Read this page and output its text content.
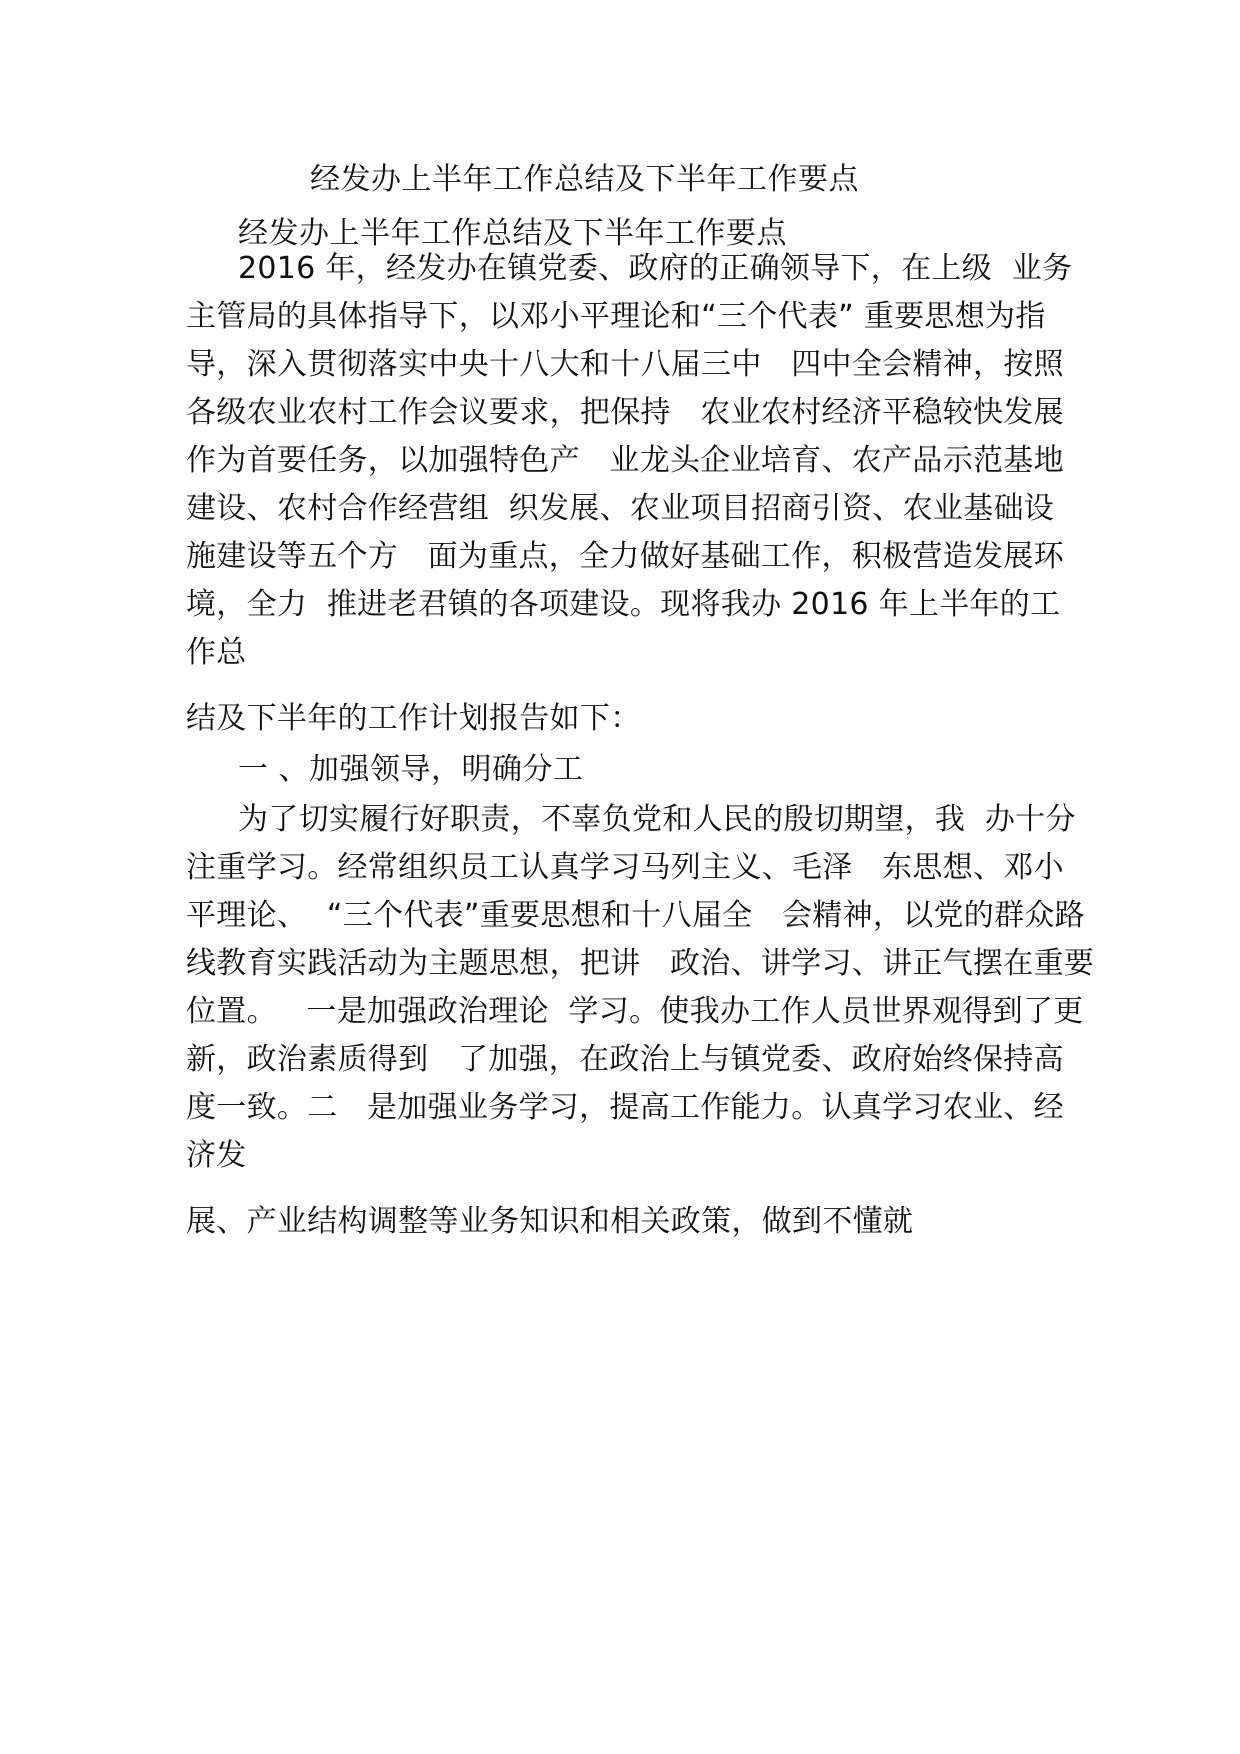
经发办上半年工作总结及下半年工作要点
经发办上半年工作总结及下半年工作要点
2016 年，经发办在镇党委、政府的正确领导下，在上级  业务
主管局的具体指导下，以邓小平理论和“三个代表” 重要思想为指
导，深入贯彻落实中央十八大和十八届三中   四中全会精神，按照
各级农业农村工作会议要求，把保持   农业农村经济平稳较快发展
作为首要任务，以加强特色产   业龙头企业培育、农产品示范基地
建设、农村合作经营组  织发展、农业项目招商引资、农业基础设
施建设等五个方   面为重点，全力做好基础工作，积极营造发展环
境，全力  推进老君镇的各项建设。现将我办 2016 年上半年的工
作总
结及下半年的工作计划报告如下：
一 、加强领导，明确分工
为了切实履行好职责，不辜负党和人民的殷切期望，我  办十分
注重学习。经常组织员工认真学习马列主义、毛泽   东思想、邓小
平理论、  “三个代表”重要思想和十八届全   会精神，以党的群众路
线教育实践活动为主题思想，把讲   政治、讲学习、讲正气摆在重要
位置。   一是加强政治理论  学习。使我办工作人员世界观得到了更
新，政治素质得到   了加强，在政治上与镇党委、政府始终保持高
度一致。二   是加强业务学习，提高工作能力。认真学习农业、经
济发
展、产业结构调整等业务知识和相关政策，做到不懂就
